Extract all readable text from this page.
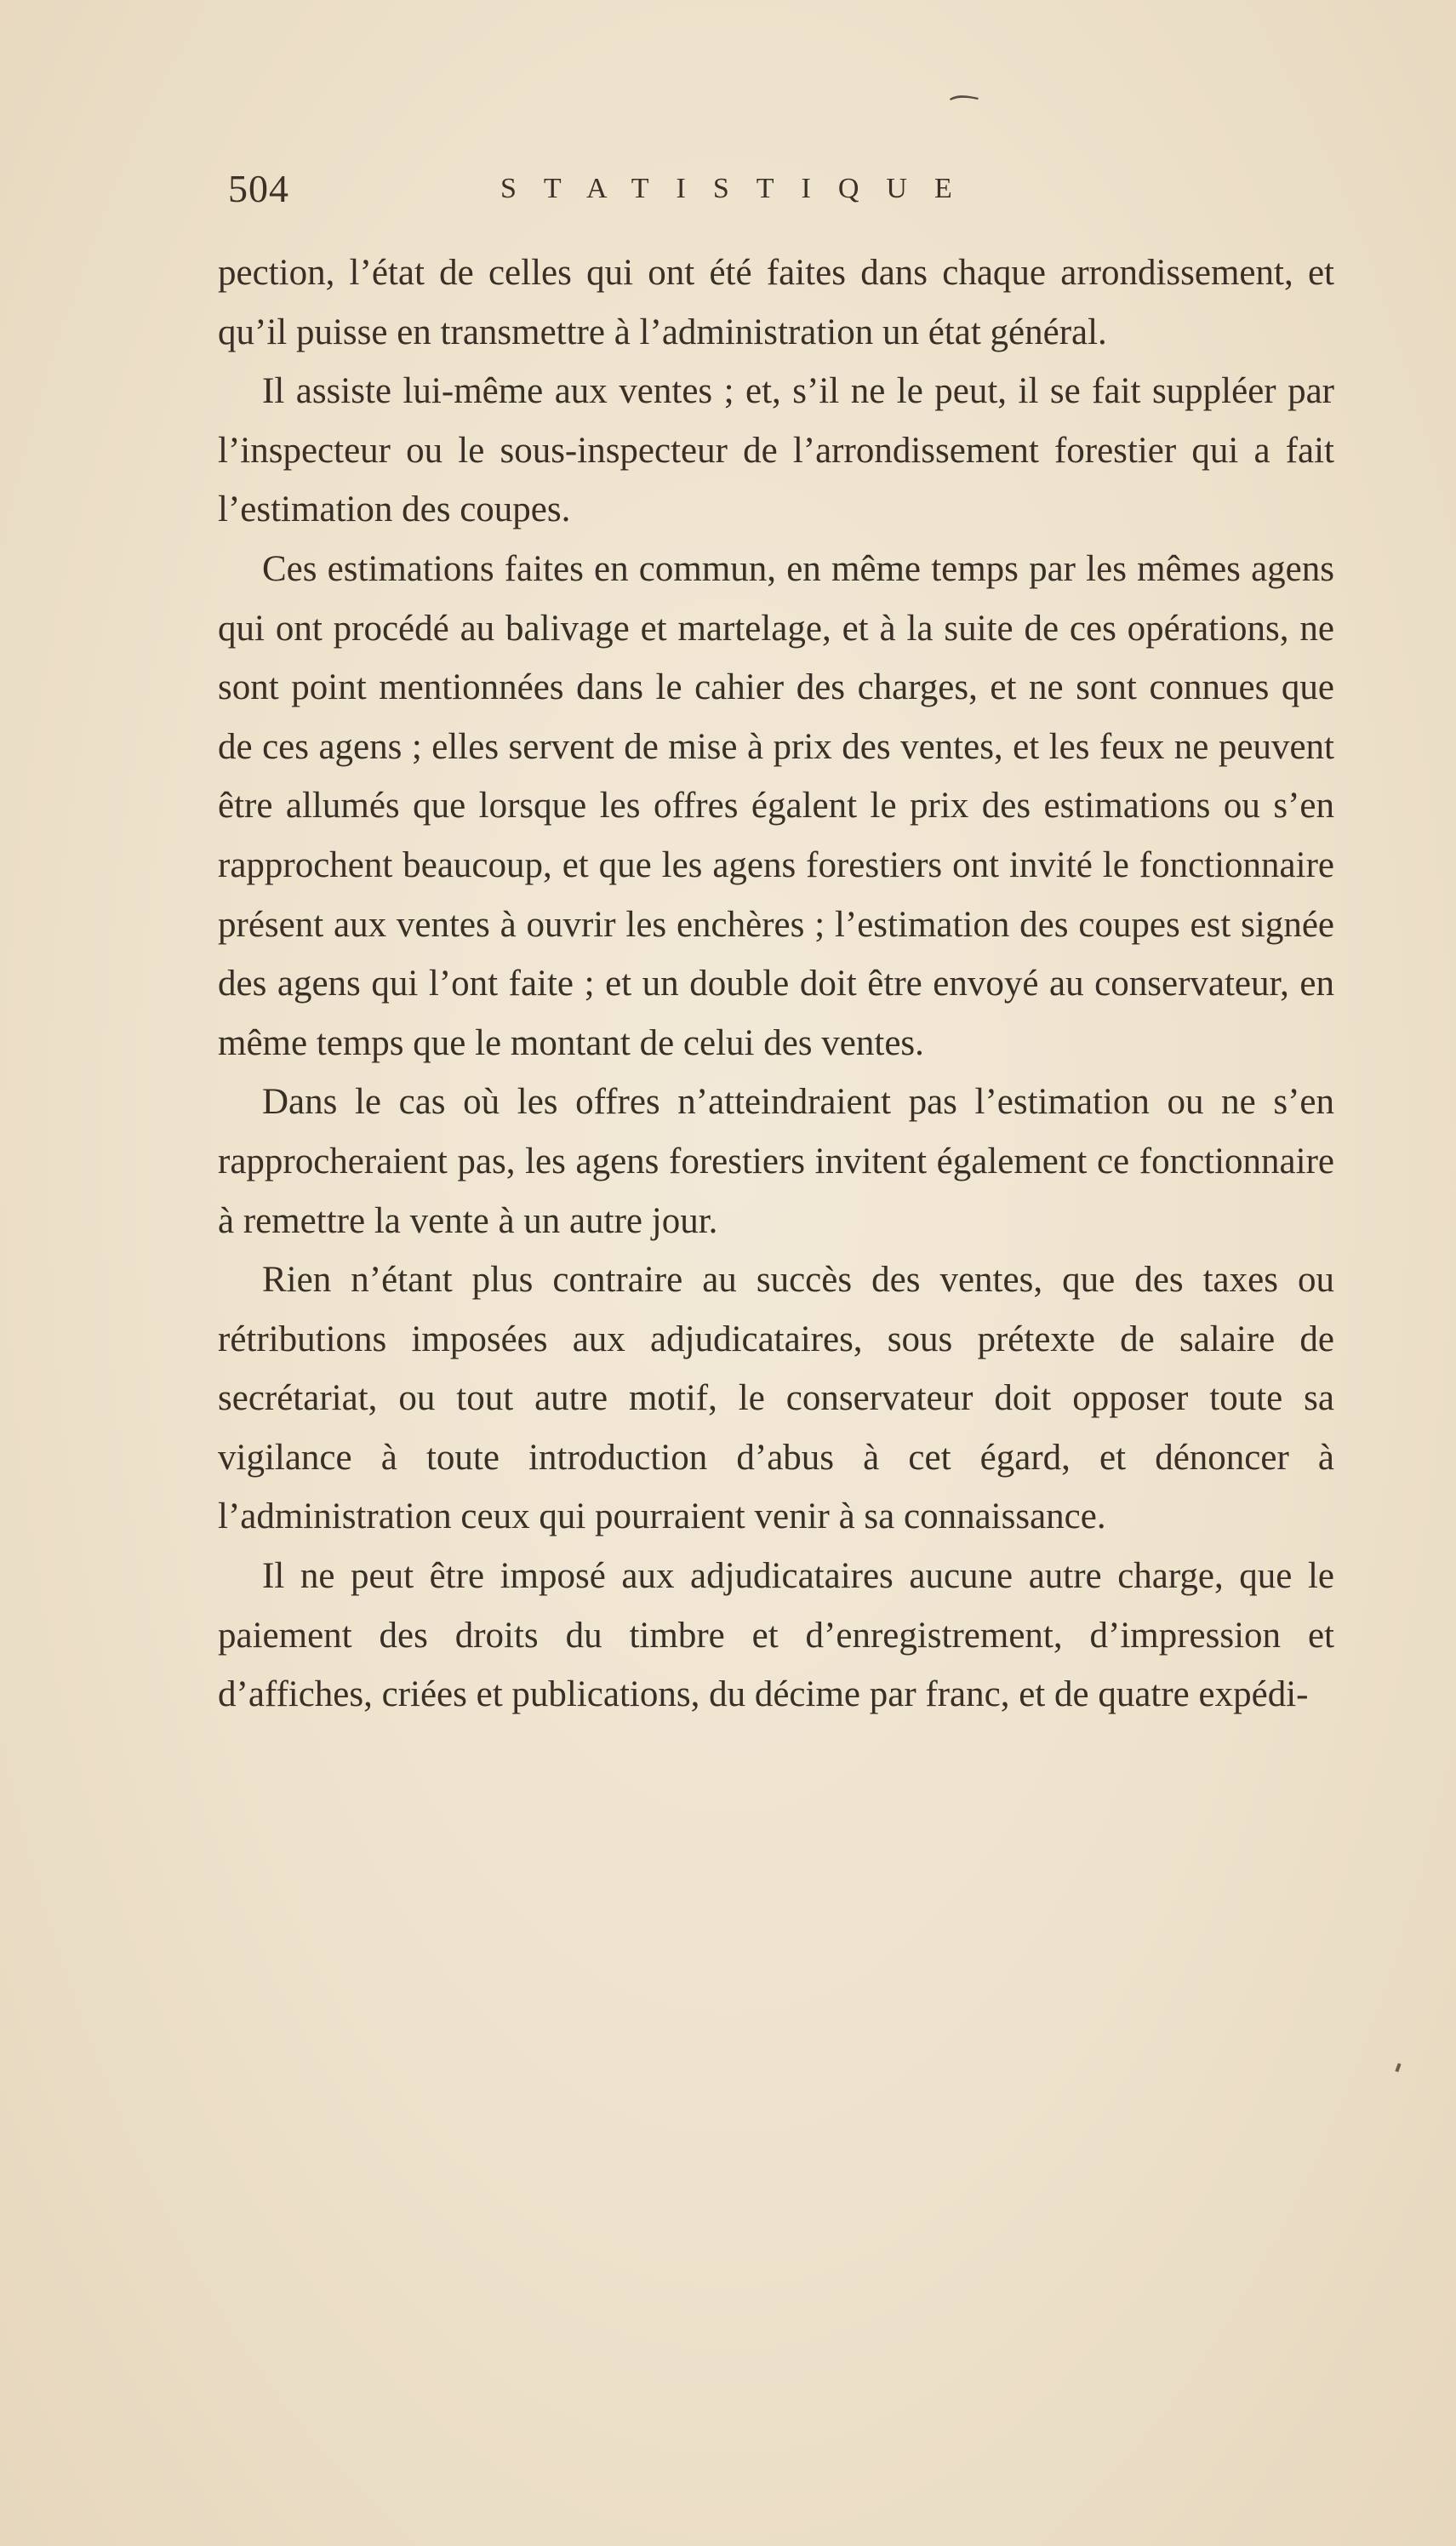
504	STATISTIQUE

pection, l’état de celles qui ont été faites dans chaque arrondissement, et qu’il puisse en transmettre à l’administration un état général.

Il assiste lui-même aux ventes ; et, s’il ne le peut, il se fait suppléer par l’inspecteur ou le sous-inspecteur de l’arrondissement forestier qui a fait l’estimation des coupes.

Ces estimations faites en commun, en même temps par les mêmes agens qui ont procédé au balivage et martelage, et à la suite de ces opérations, ne sont point mentionnées dans le cahier des charges, et ne sont connues que de ces agens ; elles servent de mise à prix des ventes, et les feux ne peuvent être allumés que lorsque les offres égalent le prix des estimations ou s’en rapprochent beaucoup, et que les agens forestiers ont invité le fonctionnaire présent aux ventes à ouvrir les enchères ; l’estimation des coupes est signée des agens qui l’ont faite ; et un double doit être envoyé au conservateur, en même temps que le montant de celui des ventes.

Dans le cas où les offres n’atteindraient pas l’estimation ou ne s’en rapprocheraient pas, les agens forestiers invitent également ce fonctionnaire à remettre la vente à un autre jour.

Rien n’étant plus contraire au succès des ventes, que des taxes ou rétributions imposées aux adjudicataires, sous prétexte de salaire de secrétariat, ou tout autre motif, le conservateur doit opposer toute sa vigilance à toute introduction d’abus à cet égard, et dénoncer à l’administration ceux qui pourraient venir à sa connaissance.

Il ne peut être imposé aux adjudicataires aucune autre charge, que le paiement des droits du timbre et d’enregistrement, d’impression et d’affiches, criées et publications, du décime par franc, et de quatre expédi-
